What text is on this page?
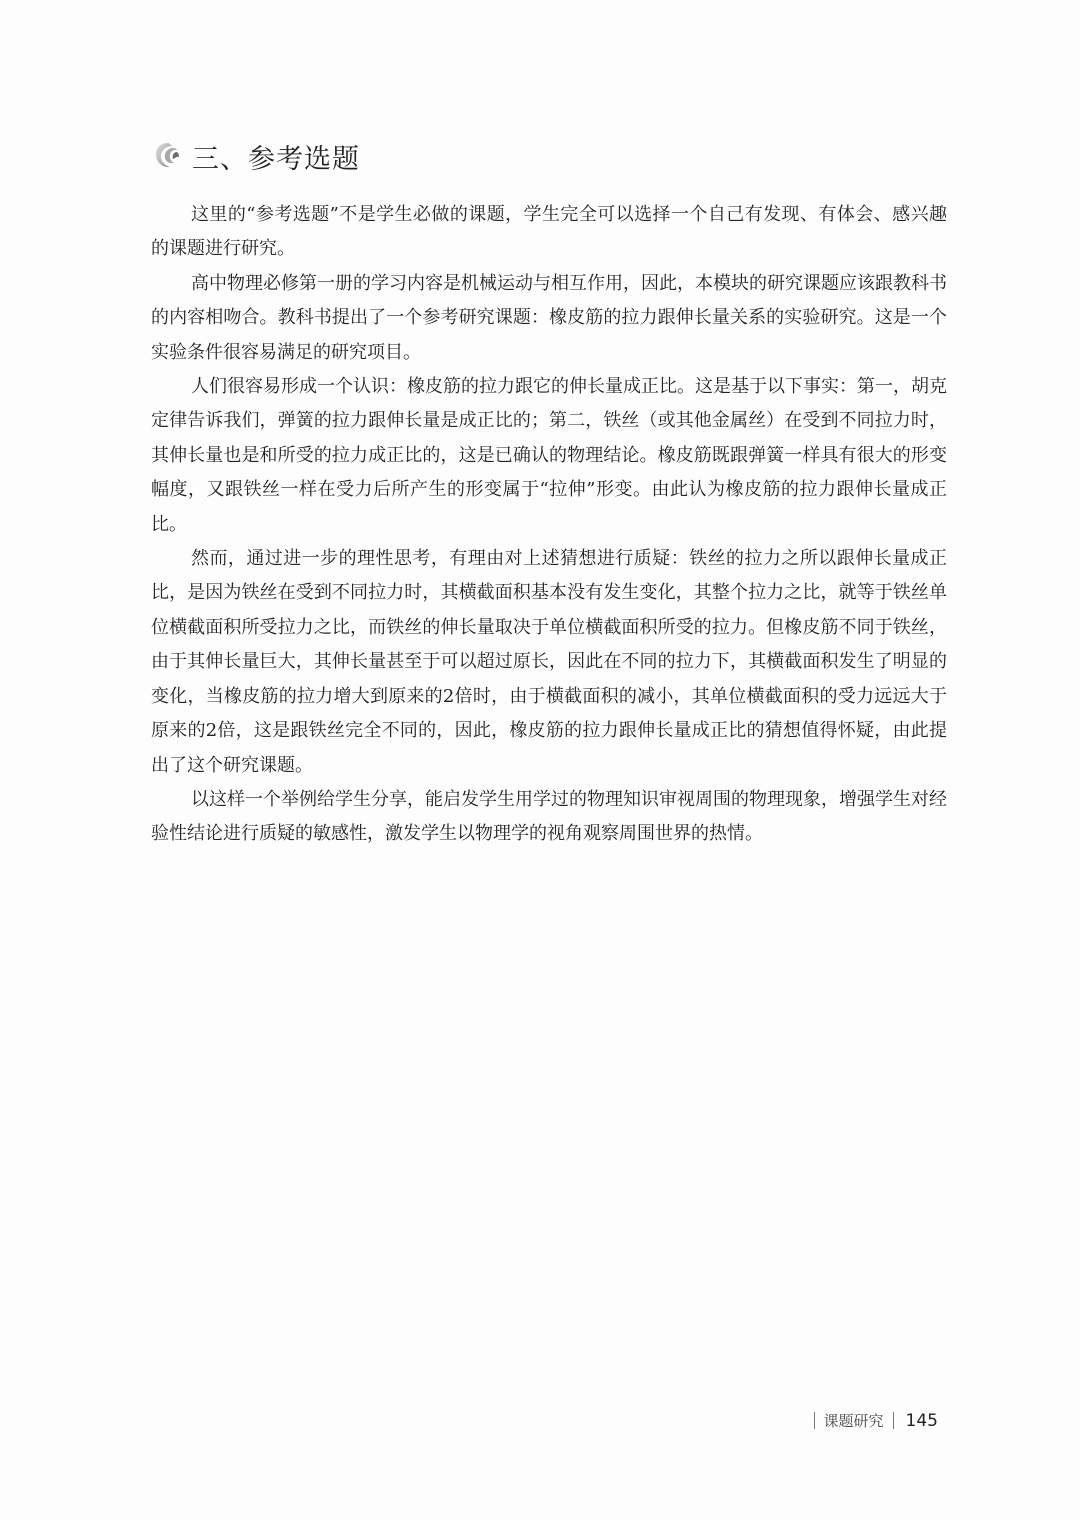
三、参考选题

这里的“参考选题”不是学生必做的课题，学生完全可以选择一个自己有发现、有体会、感兴趣的课题进行研究。

高中物理必修第一册的学习内容是机械运动与相互作用，因此，本模块的研究课题应该跟教科书的内容相吻合。教科书提出了一个参考研究课题：橡皮筋的拉力跟伸长量关系的实验研究。这是一个实验条件很容易满足的研究项目。

人们很容易形成一个认识：橡皮筋的拉力跟它的伸长量成正比。这是基于以下事实：第一，胡克定律告诉我们，弹簧的拉力跟伸长量是成正比的；第二，铁丝（或其他金属丝）在受到不同拉力时，其伸长量也是和所受的拉力成正比的，这是已确认的物理结论。橡皮筋既跟弹簧一样具有很大的形变幅度，又跟铁丝一样在受力后所产生的形变属于“拉伸”形变。由此认为橡皮筋的拉力跟伸长量成正比。

然而，通过进一步的理性思考，有理由对上述猜想进行质疑：铁丝的拉力之所以跟伸长量成正比，是因为铁丝在受到不同拉力时，其横截面积基本没有发生变化，其整个拉力之比，就等于铁丝单位横截面积所受拉力之比，而铁丝的伸长量取决于单位横截面积所受的拉力。但橡皮筋不同于铁丝，由于其伸长量巨大，其伸长量甚至于可以超过原长，因此在不同的拉力下，其横截面积发生了明显的变化，当橡皮筋的拉力增大到原来的2倍时，由于横截面积的减小，其单位横截面积的受力远远大于原来的2倍，这是跟铁丝完全不同的，因此，橡皮筋的拉力跟伸长量成正比的猜想值得怀疑，由此提出了这个研究课题。

以这样一个举例给学生分享，能启发学生用学过的物理知识审视周围的物理现象，增强学生对经验性结论进行质疑的敏感性，激发学生以物理学的视角观察周围世界的热情。

课题研究 145
